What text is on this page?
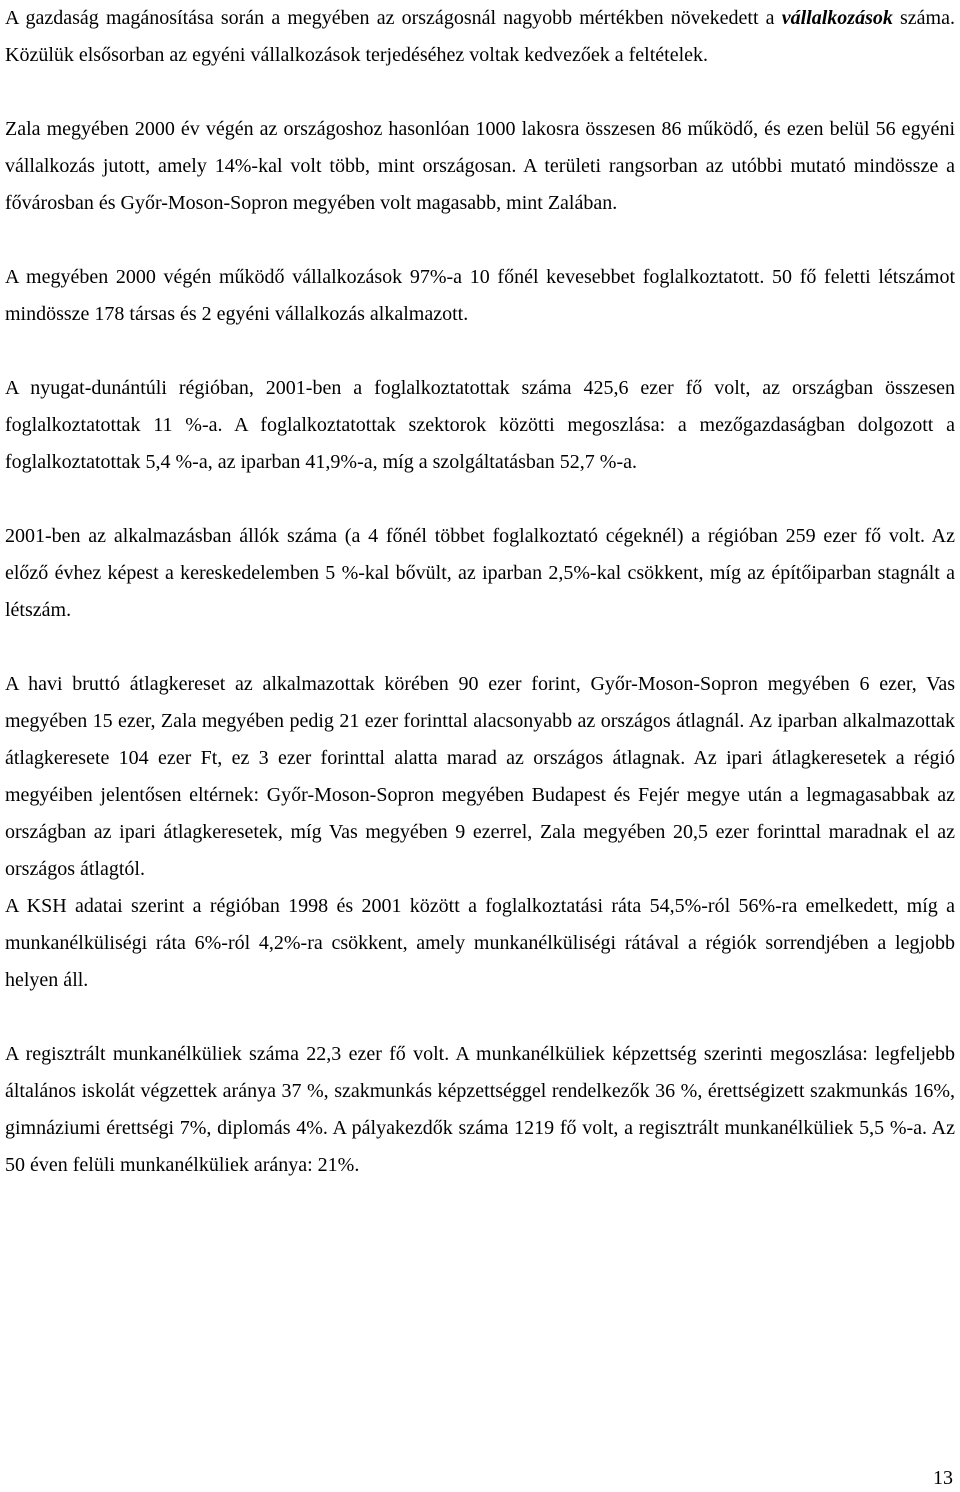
A gazdaság magánosítása során a megyében az országosnál nagyobb mértékben növekedett a vállalkozások száma. Közülük elsősorban az egyéni vállalkozások terjedéséhez voltak kedvezőek a feltételek.

Zala megyében 2000 év végén az országoshoz hasonlóan 1000 lakosra összesen 86 működő, és ezen belül 56 egyéni vállalkozás jutott, amely 14%-kal volt több, mint országosan. A területi rangsorban az utóbbi mutató mindössze a fővárosban és Győr-Moson-Sopron megyében volt magasabb, mint Zalában.

A megyében 2000 végén működő vállalkozások 97%-a 10 főnél kevesebbet foglalkoztatott. 50 fő feletti létszámot mindössze 178 társas és 2 egyéni vállalkozás alkalmazott.

A nyugat-dunántúli régióban, 2001-ben a foglalkoztatottak száma 425,6 ezer fő volt, az országban összesen foglalkoztatottak 11 %-a. A foglalkoztatottak szektorok közötti megoszlása: a mezőgazdaságban dolgozott a foglalkoztatottak 5,4 %-a, az iparban 41,9%-a, míg a szolgáltatásban 52,7 %-a.

2001-ben az alkalmazásban állók száma (a 4 főnél többet foglalkoztató cégeknél) a régióban 259 ezer fő volt. Az előző évhez képest a kereskedelemben 5 %-kal bővült, az iparban 2,5%-kal csökkent, míg az építőiparban stagnált a létszám.

A havi bruttó átlagkereset az alkalmazottak körében 90 ezer forint, Győr-Moson-Sopron megyében 6 ezer, Vas megyében 15 ezer, Zala megyében pedig 21 ezer forinttal alacsonyabb az országos átlagnál. Az iparban alkalmazottak átlagkeresete 104 ezer Ft, ez 3 ezer forinttal alatta marad az országos átlagnak. Az ipari átlagkeresetek a régió megyéiben jelentősen eltérnek: Győr-Moson-Sopron megyében Budapest és Fejér megye után a legmagasabbak az országban az ipari átlagkeresetek, míg Vas megyében 9 ezerrel, Zala megyében 20,5 ezer forinttal maradnak el az országos átlagtól.

A KSH adatai szerint a régióban 1998 és 2001 között a foglalkoztatási ráta 54,5%-ról 56%-ra emelkedett, míg a munkanélküliségi ráta 6%-ról 4,2%-ra csökkent, amely munkanélküliségi rátával a régiók sorrendjében a legjobb helyen áll.

A regisztrált munkanélküliek száma 22,3 ezer fő volt. A munkanélküliek képzettség szerinti megoszlása: legfeljebb általános iskolát végzettek aránya 37 %, szakmunkás képzettséggel rendelkezők 36 %, érettségizett szakmunkás 16%, gimnáziumi érettségi 7%, diplomás 4%. A pályakezdők száma 1219 fő volt, a regisztrált munkanélküliek 5,5 %-a. Az 50 éven felüli munkanélküliek aránya: 21%.

13
